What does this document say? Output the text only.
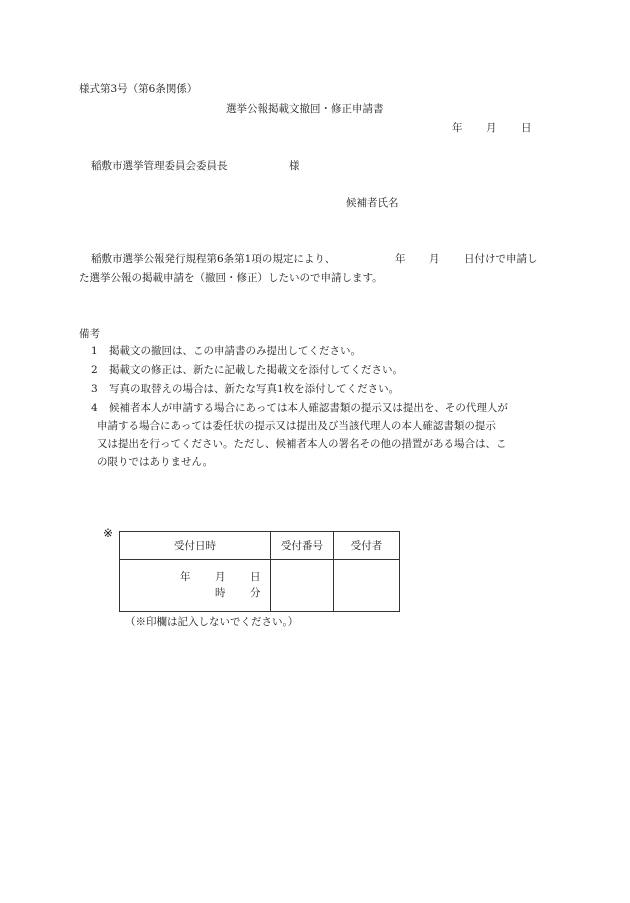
様式第3号（第6条関係）
選挙公報掲載文撤回・修正申請書
年 月 日
稲敷市選挙管理委員会委員長	様
候補者氏名
稲敷市選挙公報発行規程第6条第1項の規定により、	年 月 日付けで申請し
た選挙公報の掲載申請を（撤回・修正）したいので申請します。
備考
1 掲載文の撤回は、この申請書のみ提出してください。
2 掲載文の修正は、新たに記載した掲載文を添付してください。
3 写真の取替えの場合は、新たな写真1枚を添付してください。
4 候補者本人が申請する場合にあっては本人確認書類の提示又は提出を、その代理人が
申請する場合にあっては委任状の提示又は提出及び当該代理人の本人確認書類の提示
又は提出を行ってください。ただし、候補者本人の署名その他の措置がある場合は、こ
の限りではありません。
※
受付日時	受付番号	受付者

年 月 日
時 分		

（※印欄は記入しないでください。）
